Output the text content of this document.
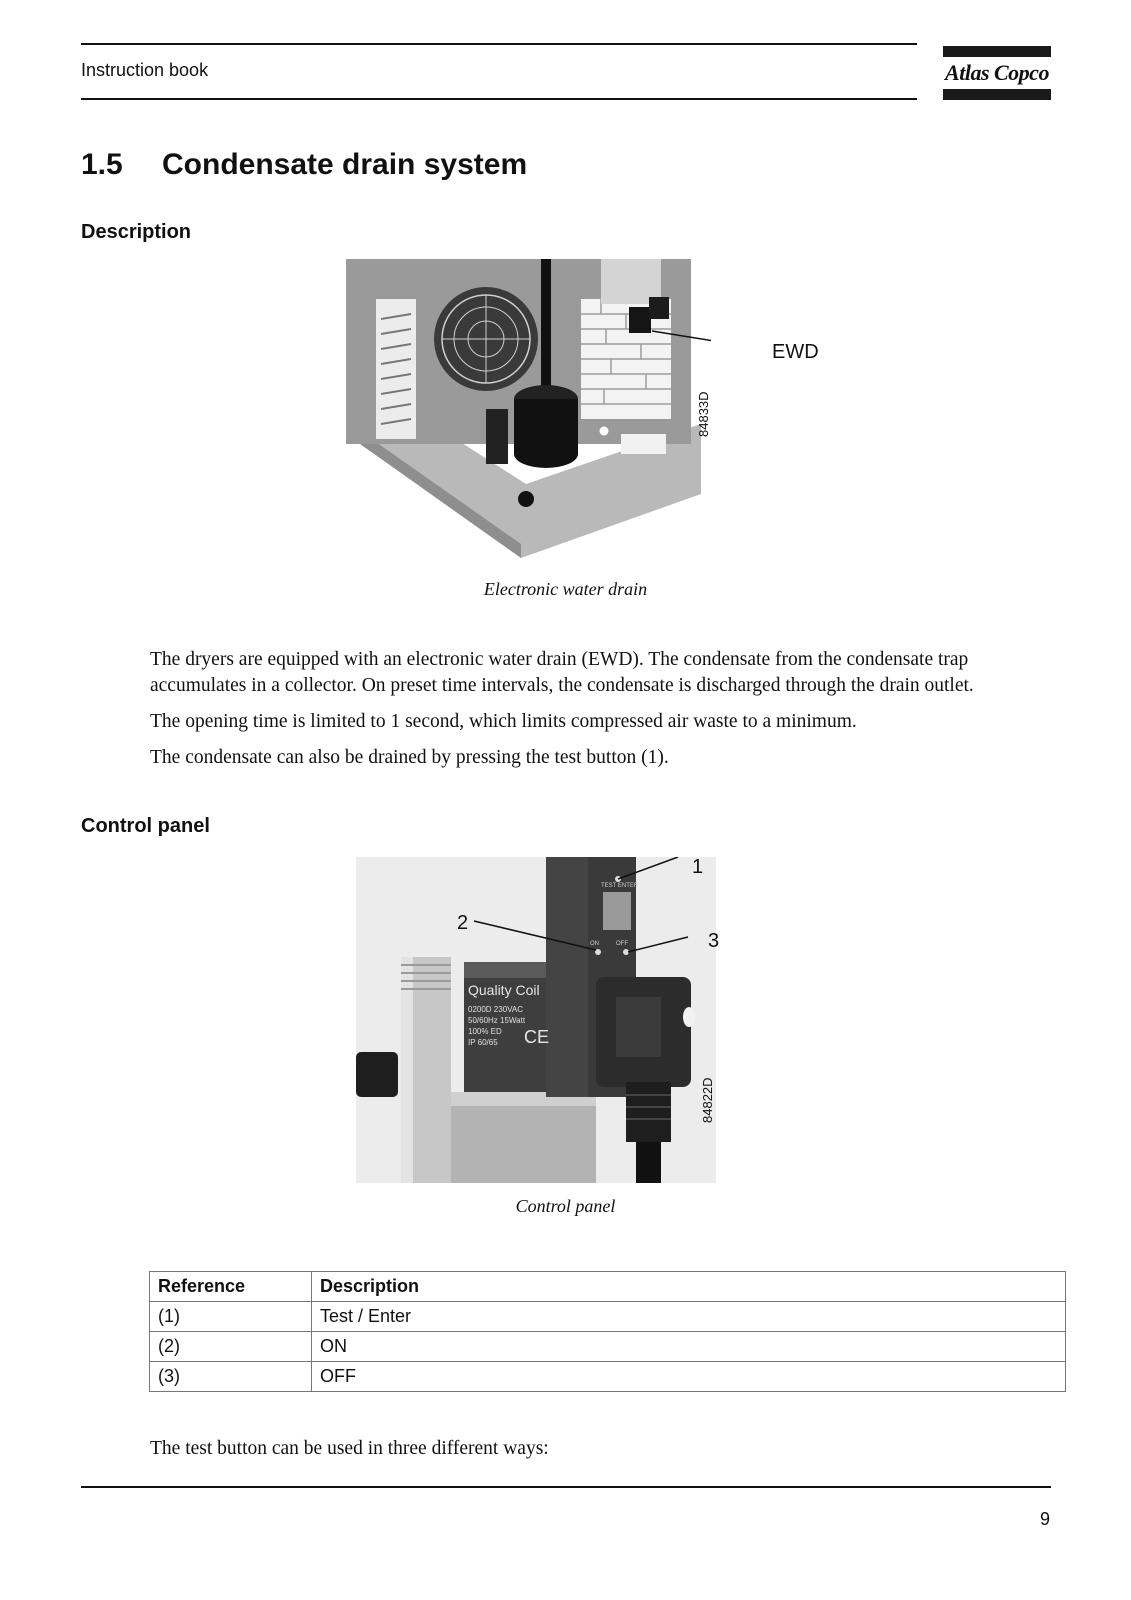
Instruction book	Atlas Copco
1.5 Condensate drain system
Description
84833D
EWD
Electronic water drain
The dryers are equipped with an electronic water drain (EWD). The condensate from the condensate trap accumulates in a collector. On preset time intervals, the condensate is discharged through the drain outlet.
The opening time is limited to 1 second, which limits compressed air waste to a minimum.
The condensate can also be drained by pressing the test button (1).
Control panel
Quality Coil
0200D 230VAC
50/60Hz 15Watt
100% ED
IP 60/65 CE
TEST ENTER
ON	OFF
84822D
1
2
3
Control panel
Reference	Description
(1)	Test / Enter
(2)	ON
(3)	OFF
The test button can be used in three different ways:
9
